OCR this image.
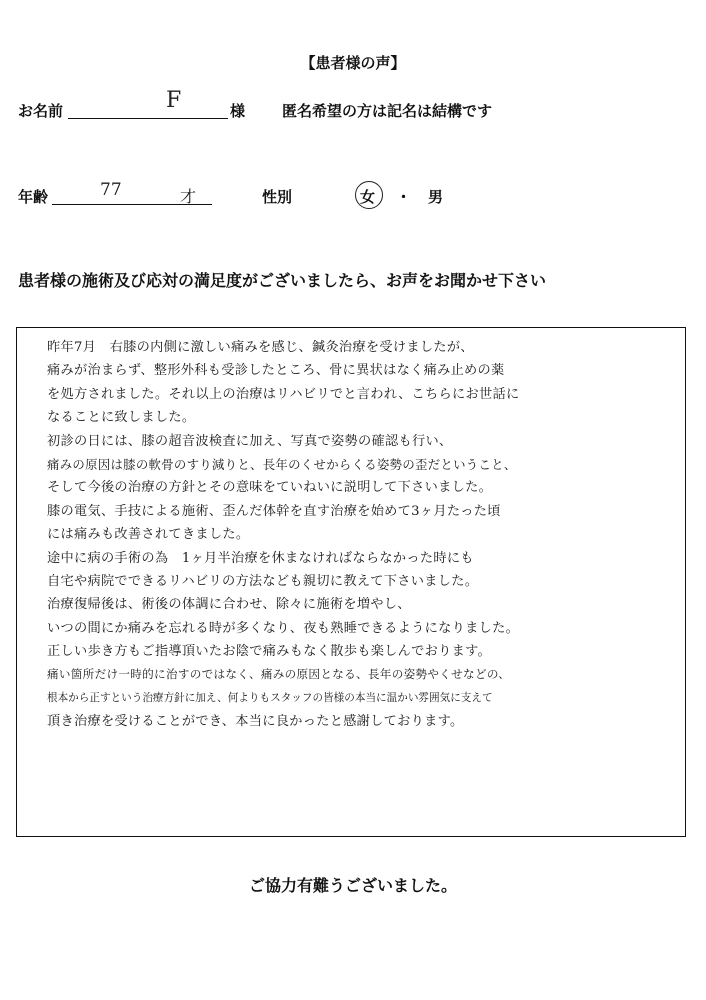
【患者様の声】
お名前	F	様 匿名希望の方は記名は結構です
年齢	77	才	性別	女 ・ 男
患者様の施術及び応対の満足度がございましたら、お声をお聞かせ下さい
昨年7月　右膝の内側に激しい痛みを感じ、鍼灸治療を受けましたが、
痛みが治まらず、整形外科も受診したところ、骨に異状はなく痛み止めの薬
を処方されました。それ以上の治療はリハビリでと言われ、こちらにお世話に
なることに致しました。
初診の日には、膝の超音波検査に加え、写真で姿勢の確認も行い、
痛みの原因は膝の軟骨のすり減りと、長年のくせからくる姿勢の歪だということ、
そして今後の治療の方針とその意味をていねいに説明して下さいました。
膝の電気、手技による施術、歪んだ体幹を直す治療を始めて3ヶ月たった頃
には痛みも改善されてきました。
途中に病の手術の為　1ヶ月半治療を休まなければならなかった時にも
自宅や病院でできるリハビリの方法なども親切に教えて下さいました。
治療復帰後は、術後の体調に合わせ、除々に施術を増やし、
いつの間にか痛みを忘れる時が多くなり、夜も熟睡できるようになりました。
正しい歩き方もご指導頂いたお陰で痛みもなく散歩も楽しんでおります。
痛い箇所だけ一時的に治すのではなく、痛みの原因となる、長年の姿勢やくせなどの、
根本から正すという治療方針に加え、何よりもスタッフの皆様の本当に温かい雰囲気に支えて
頂き治療を受けることができ、本当に良かったと感謝しております。
ご協力有難うございました。
